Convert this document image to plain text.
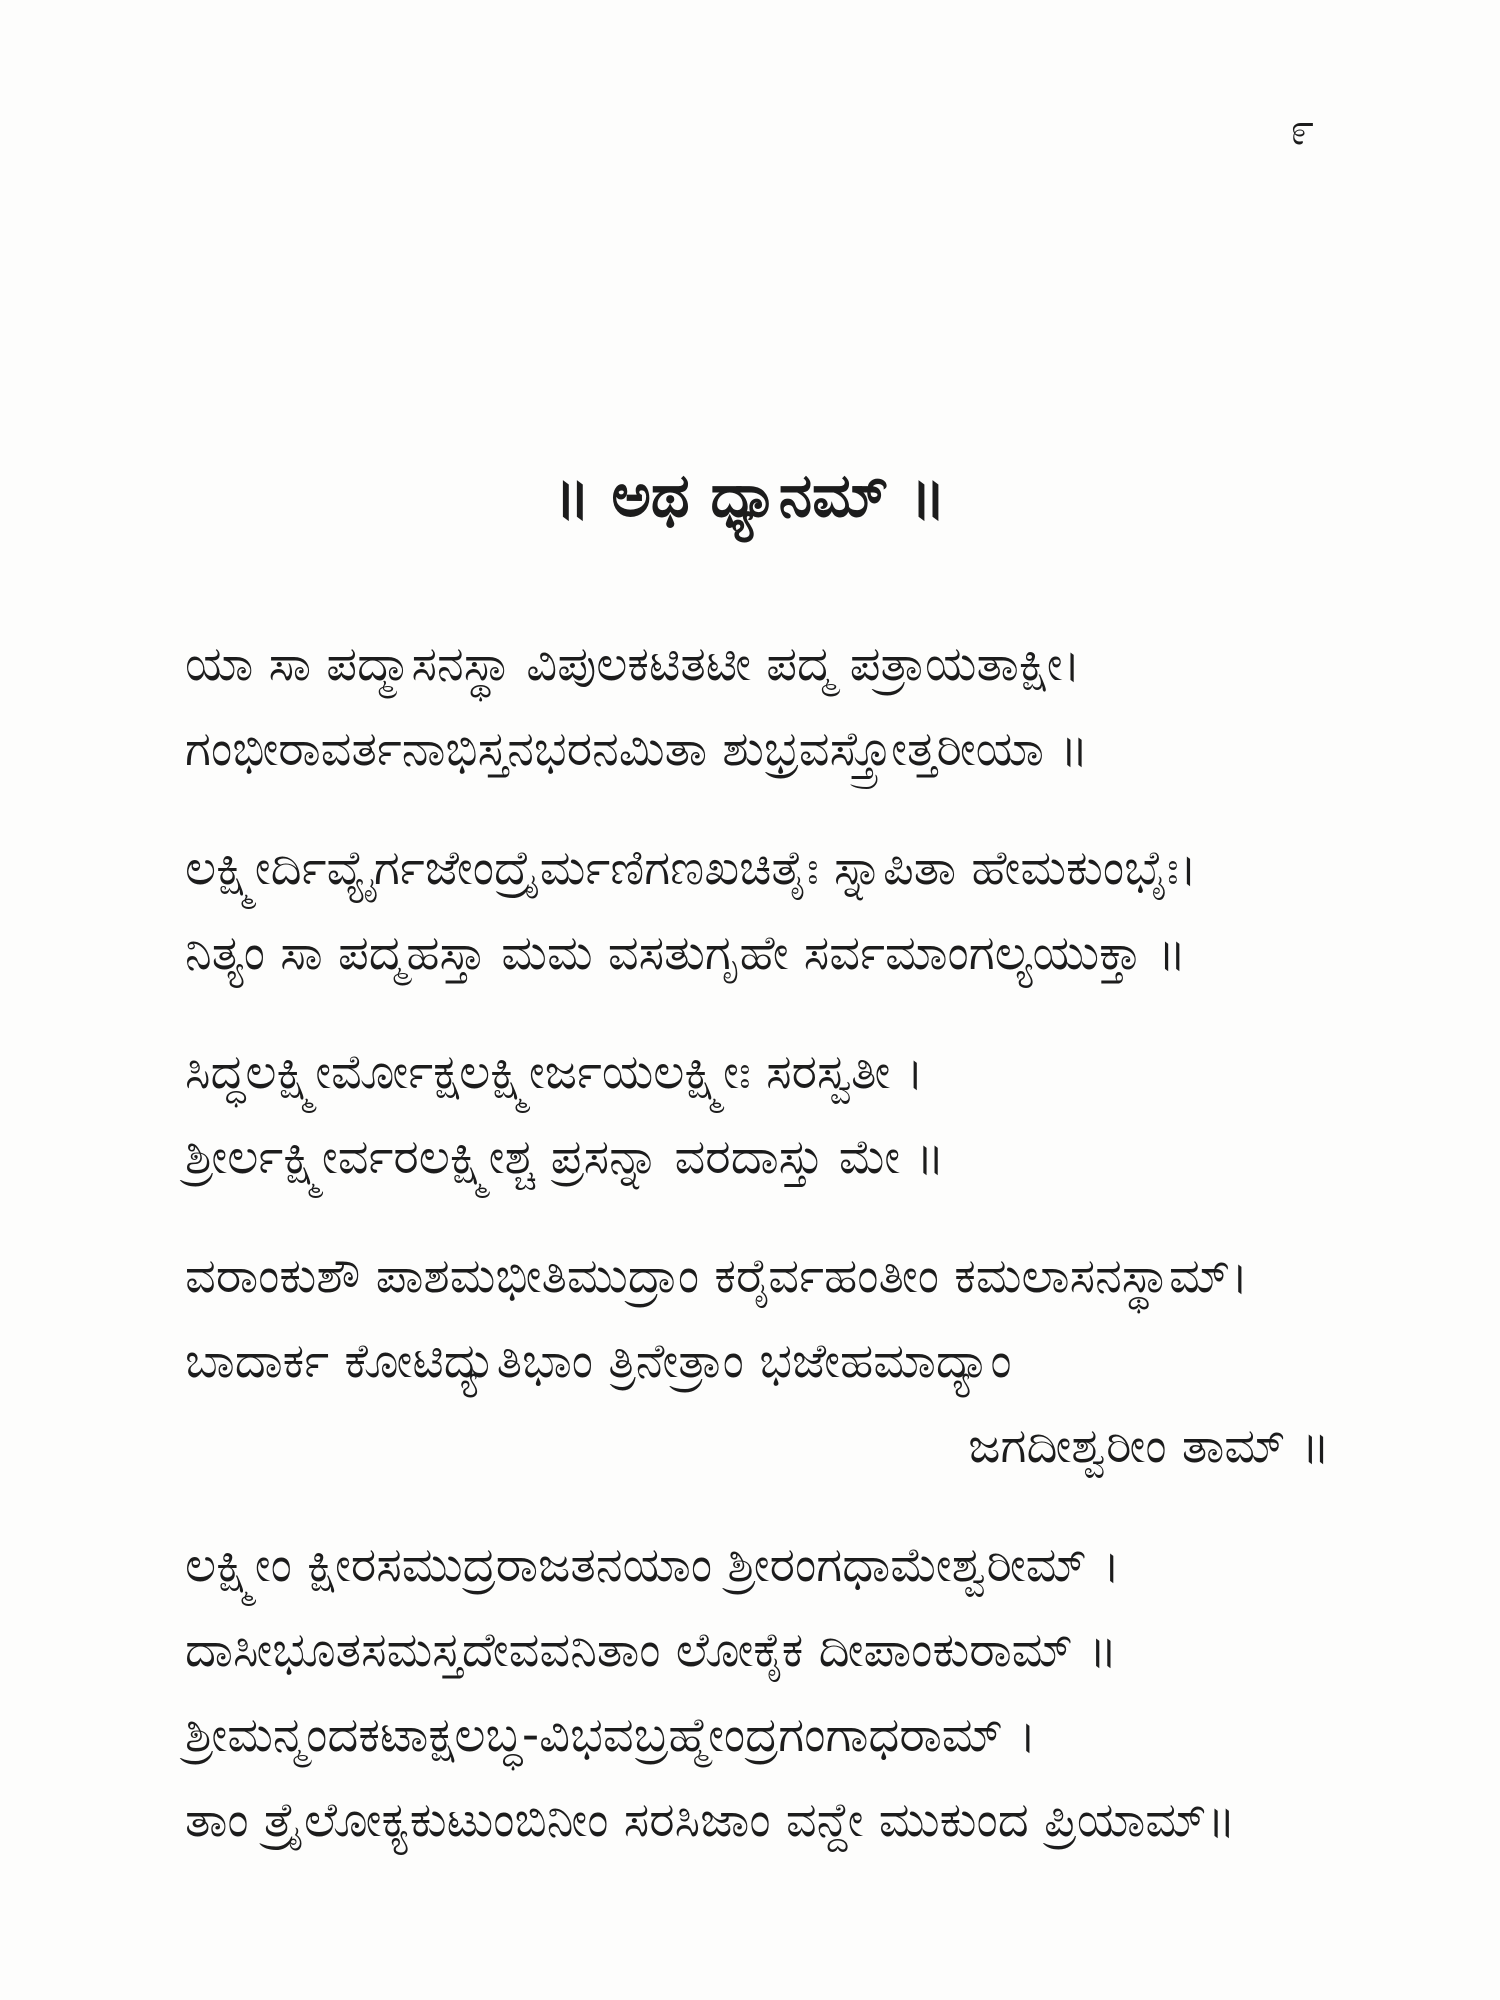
೯
॥ ಅಥ ಧ್ಯಾನಮ್ ॥
ಯಾ ಸಾ ಪದ್ಮಾಸನಸ್ಥಾ ವಿಪುಲಕಟಿತಟೀ ಪದ್ಮ ಪತ್ರಾಯತಾಕ್ಷೀ।
ಗಂಭೀರಾವರ್ತನಾಭಿಸ್ತನಭರನಮಿತಾ ಶುಭ್ರವಸ್ತ್ರೋತ್ತರೀಯಾ ॥
ಲಕ್ಷ್ಮೀರ್ದಿವ್ಯೈರ್ಗಜೇಂದ್ರೈರ್ಮಣಿಗಣಖಚಿತೈಃ ಸ್ನಾಪಿತಾ ಹೇಮಕುಂಭೈಃ।
ನಿತ್ಯಂ ಸಾ ಪದ್ಮಹಸ್ತಾ ಮಮ ವಸತುಗೃಹೇ ಸರ್ವಮಾಂಗಲ್ಯಯುಕ್ತಾ ॥
ಸಿದ್ಧಲಕ್ಷ್ಮೀರ್ಮೋಕ್ಷಲಕ್ಷ್ಮೀರ್ಜಯಲಕ್ಷ್ಮೀಃ ಸರಸ್ವತೀ ।
ಶ್ರೀರ್ಲಕ್ಷ್ಮೀರ್ವರಲಕ್ಷ್ಮೀಶ್ಚ ಪ್ರಸನ್ನಾ ವರದಾಸ್ತು ಮೇ ॥
ವರಾಂಕುಶೌ ಪಾಶಮಭೀತಿಮುದ್ರಾಂ ಕರೈರ್ವಹಂತೀಂ ಕಮಲಾಸನಸ್ಥಾಮ್।
ಬಾದಾರ್ಕ ಕೋಟಿದ್ಯುತಿಭಾಂ ತ್ರಿನೇತ್ರಾಂ ಭಜೇಹಮಾದ್ಯಾಂ
ಜಗದೀಶ್ವರೀಂ ತಾಮ್ ॥
ಲಕ್ಷ್ಮೀಂ ಕ್ಷೀರಸಮುದ್ರರಾಜತನಯಾಂ ಶ್ರೀರಂಗಧಾಮೇಶ್ವರೀಮ್ ।
ದಾಸೀಭೂತಸಮಸ್ತದೇವವನಿತಾಂ ಲೋಕೈಕ ದೀಪಾಂಕುರಾಮ್ ॥
ಶ್ರೀಮನ್ಮಂದಕಟಾಕ್ಷಲಬ್ಧ-ವಿಭವಬ್ರಹ್ಮೇಂದ್ರಗಂಗಾಧರಾಮ್ ।
ತಾಂ ತ್ರೈಲೋಕ್ಯಕುಟುಂಬಿನೀಂ ಸರಸಿಜಾಂ ವನ್ದೇ ಮುಕುಂದ ಪ್ರಿಯಾಮ್॥
